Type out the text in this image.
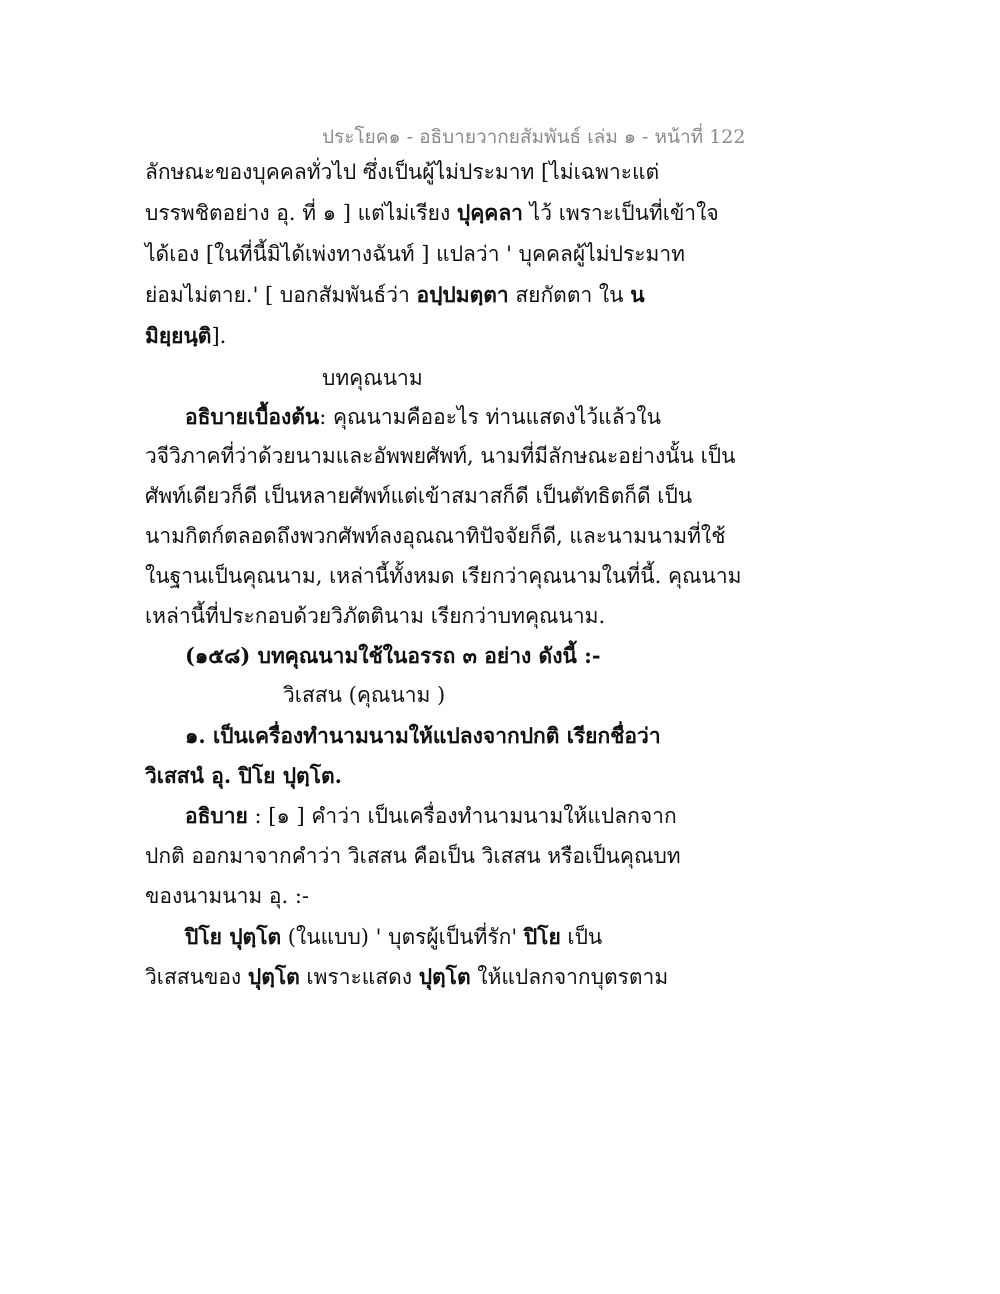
ประโยค๑ - อธิบายวากยสัมพันธ์ เล่ม ๑ - หน้าที่ 122
ลักษณะของบุคคลทั่วไป ซึ่งเป็นผู้ไม่ประมาท [ไม่เฉพาะแต่
บรรพชิตอย่าง อุ. ที่ ๑ ] แต่ไม่เรียง ปุคฺคลา ไว้ เพราะเป็นที่เข้าใจ
ได้เอง [ในที่นี้มิได้เพ่งทางฉันท์ ] แปลว่า ' บุคคลผู้ไม่ประมาท
ย่อมไม่ตาย.' [ บอกสัมพันธ์ว่า อปฺปมตฺตา สยกัตตา ใน น
มิยฺยนฺติ].
บทคุณนาม
อธิบายเบื้องต้น: คุณนามคืออะไร ท่านแสดงไว้แล้วใน
วจีวิภาคที่ว่าด้วยนามและอัพพยศัพท์, นามที่มีลักษณะอย่างนั้น เป็น
ศัพท์เดียวก็ดี เป็นหลายศัพท์แต่เข้าสมาสก็ดี เป็นตัทธิตก็ดี เป็น
นามกิตก์ตลอดถึงพวกศัพท์ลงอุณณาทิปัจจัยก็ดี, และนามนามที่ใช้
ในฐานเป็นคุณนาม, เหล่านี้ทั้งหมด เรียกว่าคุณนามในที่นี้. คุณนาม
เหล่านี้ที่ประกอบด้วยวิภัตตินาม เรียกว่าบทคุณนาม.
(๑๕๘) บทคุณนามใช้ในอรรถ ๓ อย่าง ดังนี้ :-
วิเสสน (คุณนาม )
๑. เป็นเครื่องทำนามนามให้แปลงจากปกติ เรียกชื่อว่า
วิเสสนํ อุ. ปิโย ปุตฺโต.
อธิบาย : [๑ ] คำว่า เป็นเครื่องทำนามนามให้แปลกจาก
ปกติ ออกมาจากคำว่า วิเสสน คือเป็น วิเสสน หรือเป็นคุณบท
ของนามนาม อุ. :-
ปิโย ปุตฺโต (ในแบบ) ' บุตรผู้เป็นที่รัก' ปิโย เป็น
วิเสสนของ ปุตฺโต เพราะแสดง ปุตฺโต ให้แปลกจากบุตรตาม
